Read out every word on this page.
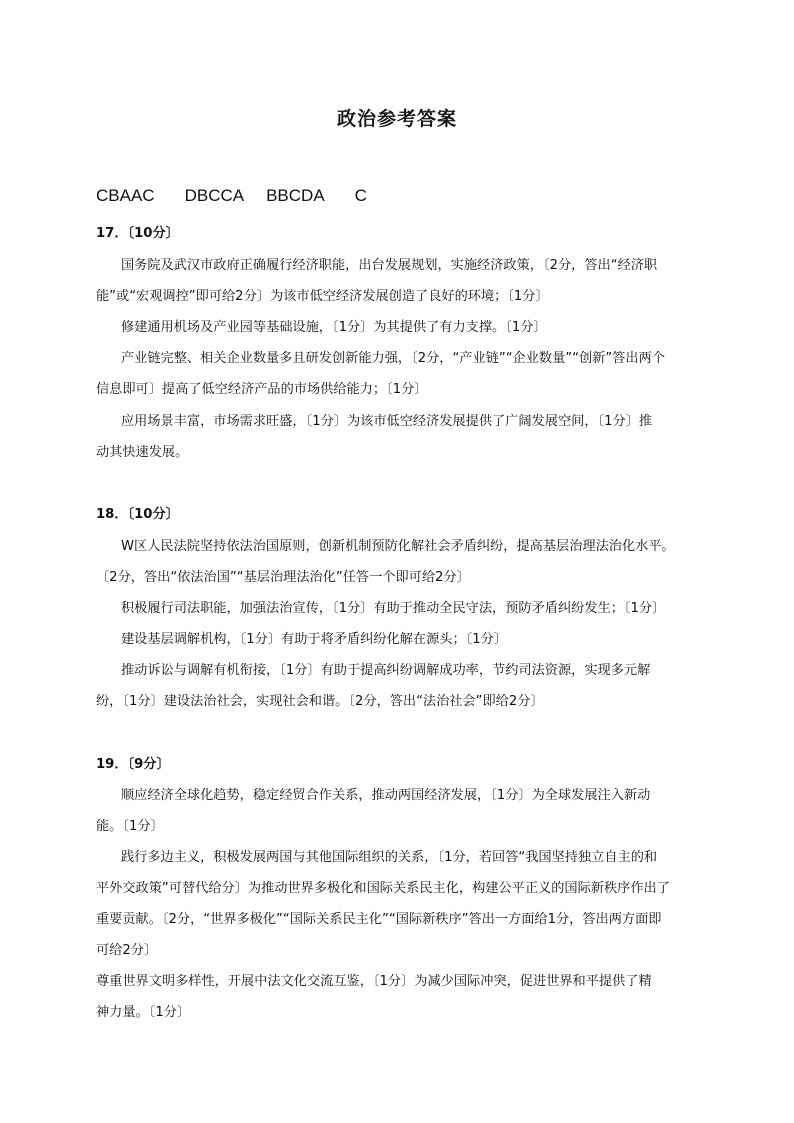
政治参考答案
CBAAC DBCCA BBCDA C
17．〔10分〕
国务院及武汉市政府正确履行经济职能，出台发展规划，实施经济政策，〔2分，答出“经济职
能”或“宏观调控”即可给2分〕为该市低空经济发展创造了良好的环境；〔1分〕
修建通用机场及产业园等基础设施，〔1分〕为其提供了有力支撑。〔1分〕
产业链完整、相关企业数量多且研发创新能力强，〔2分，“产业链”“企业数量”“创新”答出两个
信息即可〕提高了低空经济产品的市场供给能力；〔1分〕
应用场景丰富，市场需求旺盛，〔1分〕为该市低空经济发展提供了广阔发展空间，〔1分〕推
动其快速发展。
18．〔10分〕
W区人民法院坚持依法治国原则，创新机制预防化解社会矛盾纠纷，提高基层治理法治化水平。
〔2分，答出“依法治国”“基层治理法治化”任答一个即可给2分〕
积极履行司法职能，加强法治宣传，〔1分〕有助于推动全民守法，预防矛盾纠纷发生；〔1分〕
建设基层调解机构，〔1分〕有助于将矛盾纠纷化解在源头；〔1分〕
推动诉讼与调解有机衔接，〔1分〕有助于提高纠纷调解成功率，节约司法资源，实现多元解
纷，〔1分〕建设法治社会，实现社会和谐。〔2分，答出“法治社会”即给2分〕
19．〔9分〕
顺应经济全球化趋势，稳定经贸合作关系，推动两国经济发展，〔1分〕为全球发展注入新动
能。〔1分〕
践行多边主义，积极发展两国与其他国际组织的关系，〔1分，若回答“我国坚持独立自主的和
平外交政策”可替代给分〕为推动世界多极化和国际关系民主化，构建公平正义的国际新秩序作出了
重要贡献。〔2分，“世界多极化”“国际关系民主化”“国际新秩序”答出一方面给1分，答出两方面即
可给2分〕
尊重世界文明多样性，开展中法文化交流互鉴，〔1分〕为减少国际冲突，促进世界和平提供了精
神力量。〔1分〕
